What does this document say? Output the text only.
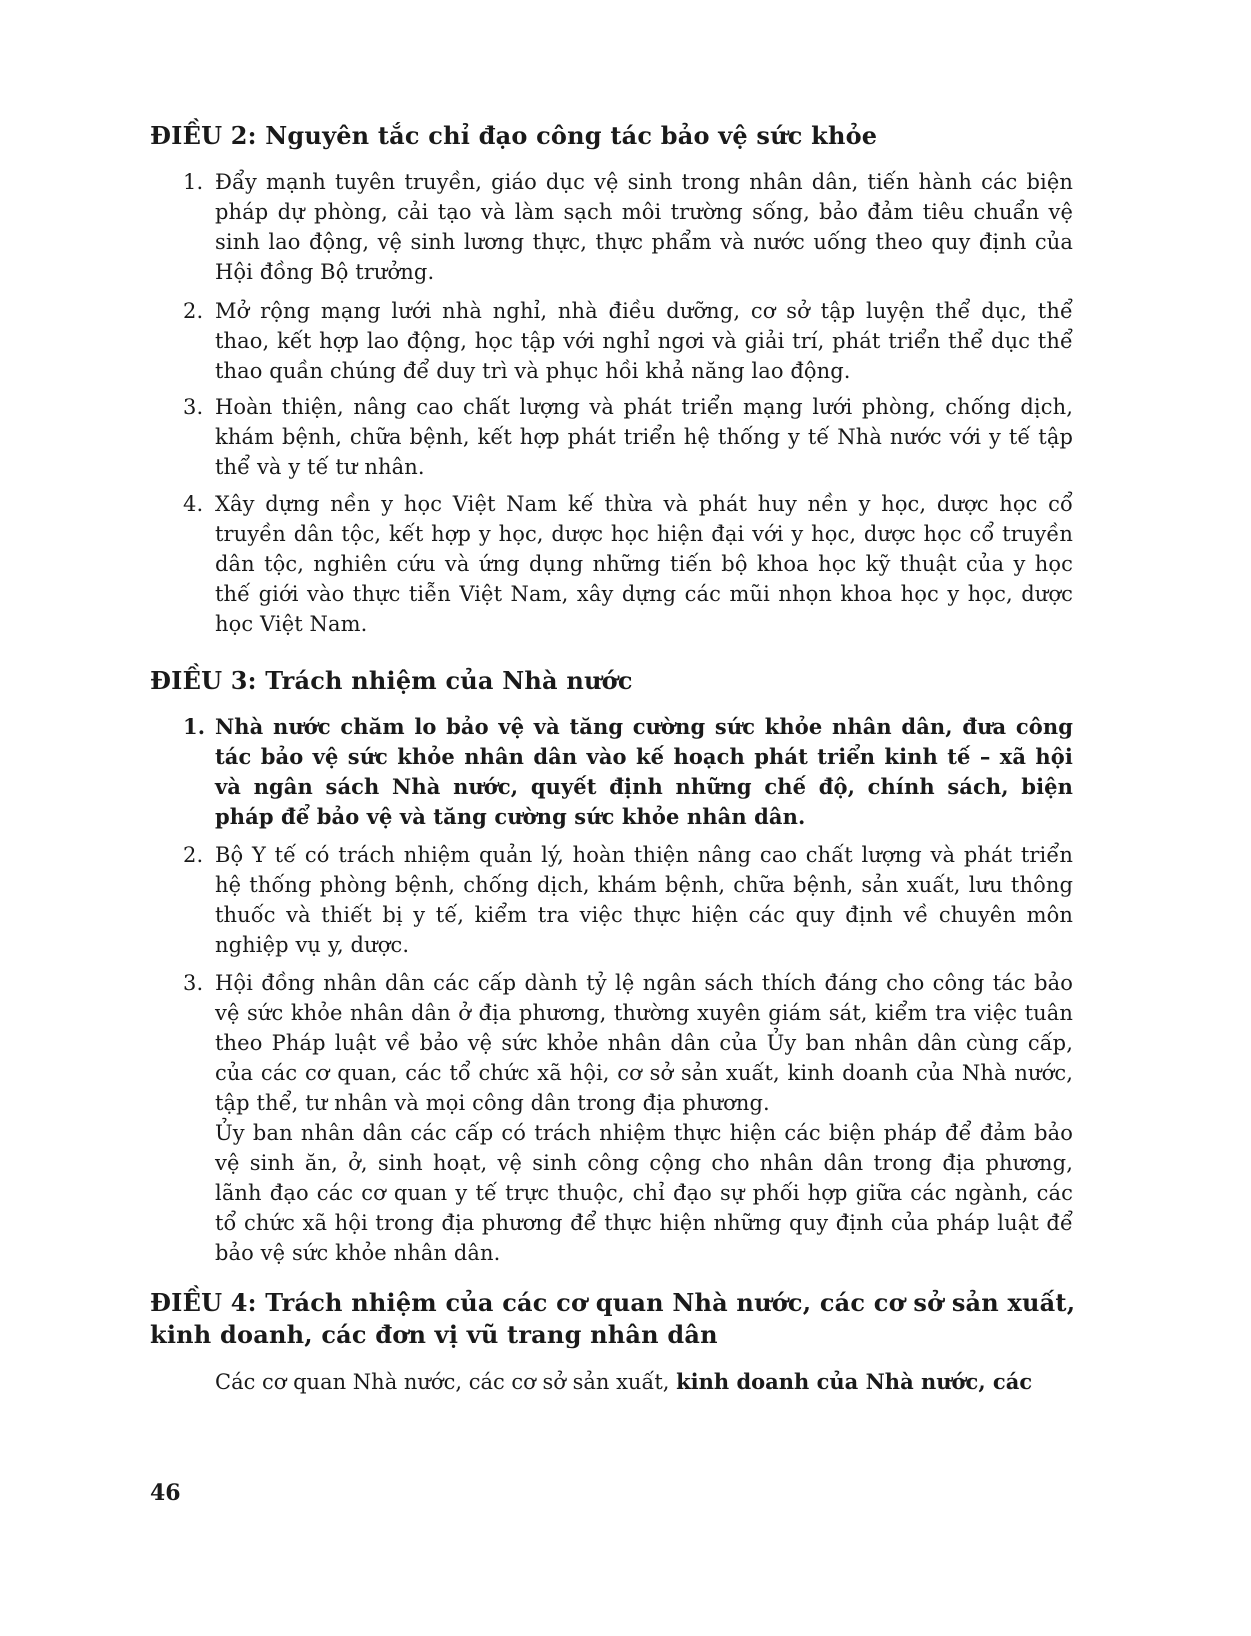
ĐIỀU 2: Nguyên tắc chỉ đạo công tác bảo vệ sức khỏe
1. Đẩy mạnh tuyên truyền, giáo dục vệ sinh trong nhân dân, tiến hành các biện pháp dự phòng, cải tạo và làm sạch môi trường sống, bảo đảm tiêu chuẩn vệ sinh lao động, vệ sinh lương thực, thực phẩm và nước uống theo quy định của Hội đồng Bộ trưởng.
2. Mở rộng mạng lưới nhà nghỉ, nhà điều dưỡng, cơ sở tập luyện thể dục, thể thao, kết hợp lao động, học tập với nghỉ ngơi và giải trí, phát triển thể dục thể thao quần chúng để duy trì và phục hồi khả năng lao động.
3. Hoàn thiện, nâng cao chất lượng và phát triển mạng lưới phòng, chống dịch, khám bệnh, chữa bệnh, kết hợp phát triển hệ thống y tế Nhà nước với y tế tập thể và y tế tư nhân.
4. Xây dựng nền y học Việt Nam kế thừa và phát huy nền y học, dược học cổ truyền dân tộc, kết hợp y học, dược học hiện đại với y học, dược học cổ truyền dân tộc, nghiên cứu và ứng dụng những tiến bộ khoa học kỹ thuật của y học thế giới vào thực tiễn Việt Nam, xây dựng các mũi nhọn khoa học y học, dược học Việt Nam.
ĐIỀU 3: Trách nhiệm của Nhà nước
1. Nhà nước chăm lo bảo vệ và tăng cường sức khỏe nhân dân, đưa công tác bảo vệ sức khỏe nhân dân vào kế hoạch phát triển kinh tế – xã hội và ngân sách Nhà nước, quyết định những chế độ, chính sách, biện pháp để bảo vệ và tăng cường sức khỏe nhân dân.
2. Bộ Y tế có trách nhiệm quản lý, hoàn thiện nâng cao chất lượng và phát triển hệ thống phòng bệnh, chống dịch, khám bệnh, chữa bệnh, sản xuất, lưu thông thuốc và thiết bị y tế, kiểm tra việc thực hiện các quy định về chuyên môn nghiệp vụ y, dược.
3. Hội đồng nhân dân các cấp dành tỷ lệ ngân sách thích đáng cho công tác bảo vệ sức khỏe nhân dân ở địa phương, thường xuyên giám sát, kiểm tra việc tuân theo Pháp luật về bảo vệ sức khỏe nhân dân của Ủy ban nhân dân cùng cấp, của các cơ quan, các tổ chức xã hội, cơ sở sản xuất, kinh doanh của Nhà nước, tập thể, tư nhân và mọi công dân trong địa phương.
Ủy ban nhân dân các cấp có trách nhiệm thực hiện các biện pháp để đảm bảo vệ sinh ăn, ở, sinh hoạt, vệ sinh công cộng cho nhân dân trong địa phương, lãnh đạo các cơ quan y tế trực thuộc, chỉ đạo sự phối hợp giữa các ngành, các tổ chức xã hội trong địa phương để thực hiện những quy định của pháp luật để bảo vệ sức khỏe nhân dân.
ĐIỀU 4: Trách nhiệm của các cơ quan Nhà nước, các cơ sở sản xuất, kinh doanh, các đơn vị vũ trang nhân dân
Các cơ quan Nhà nước, các cơ sở sản xuất, kinh doanh của Nhà nước, các
46
